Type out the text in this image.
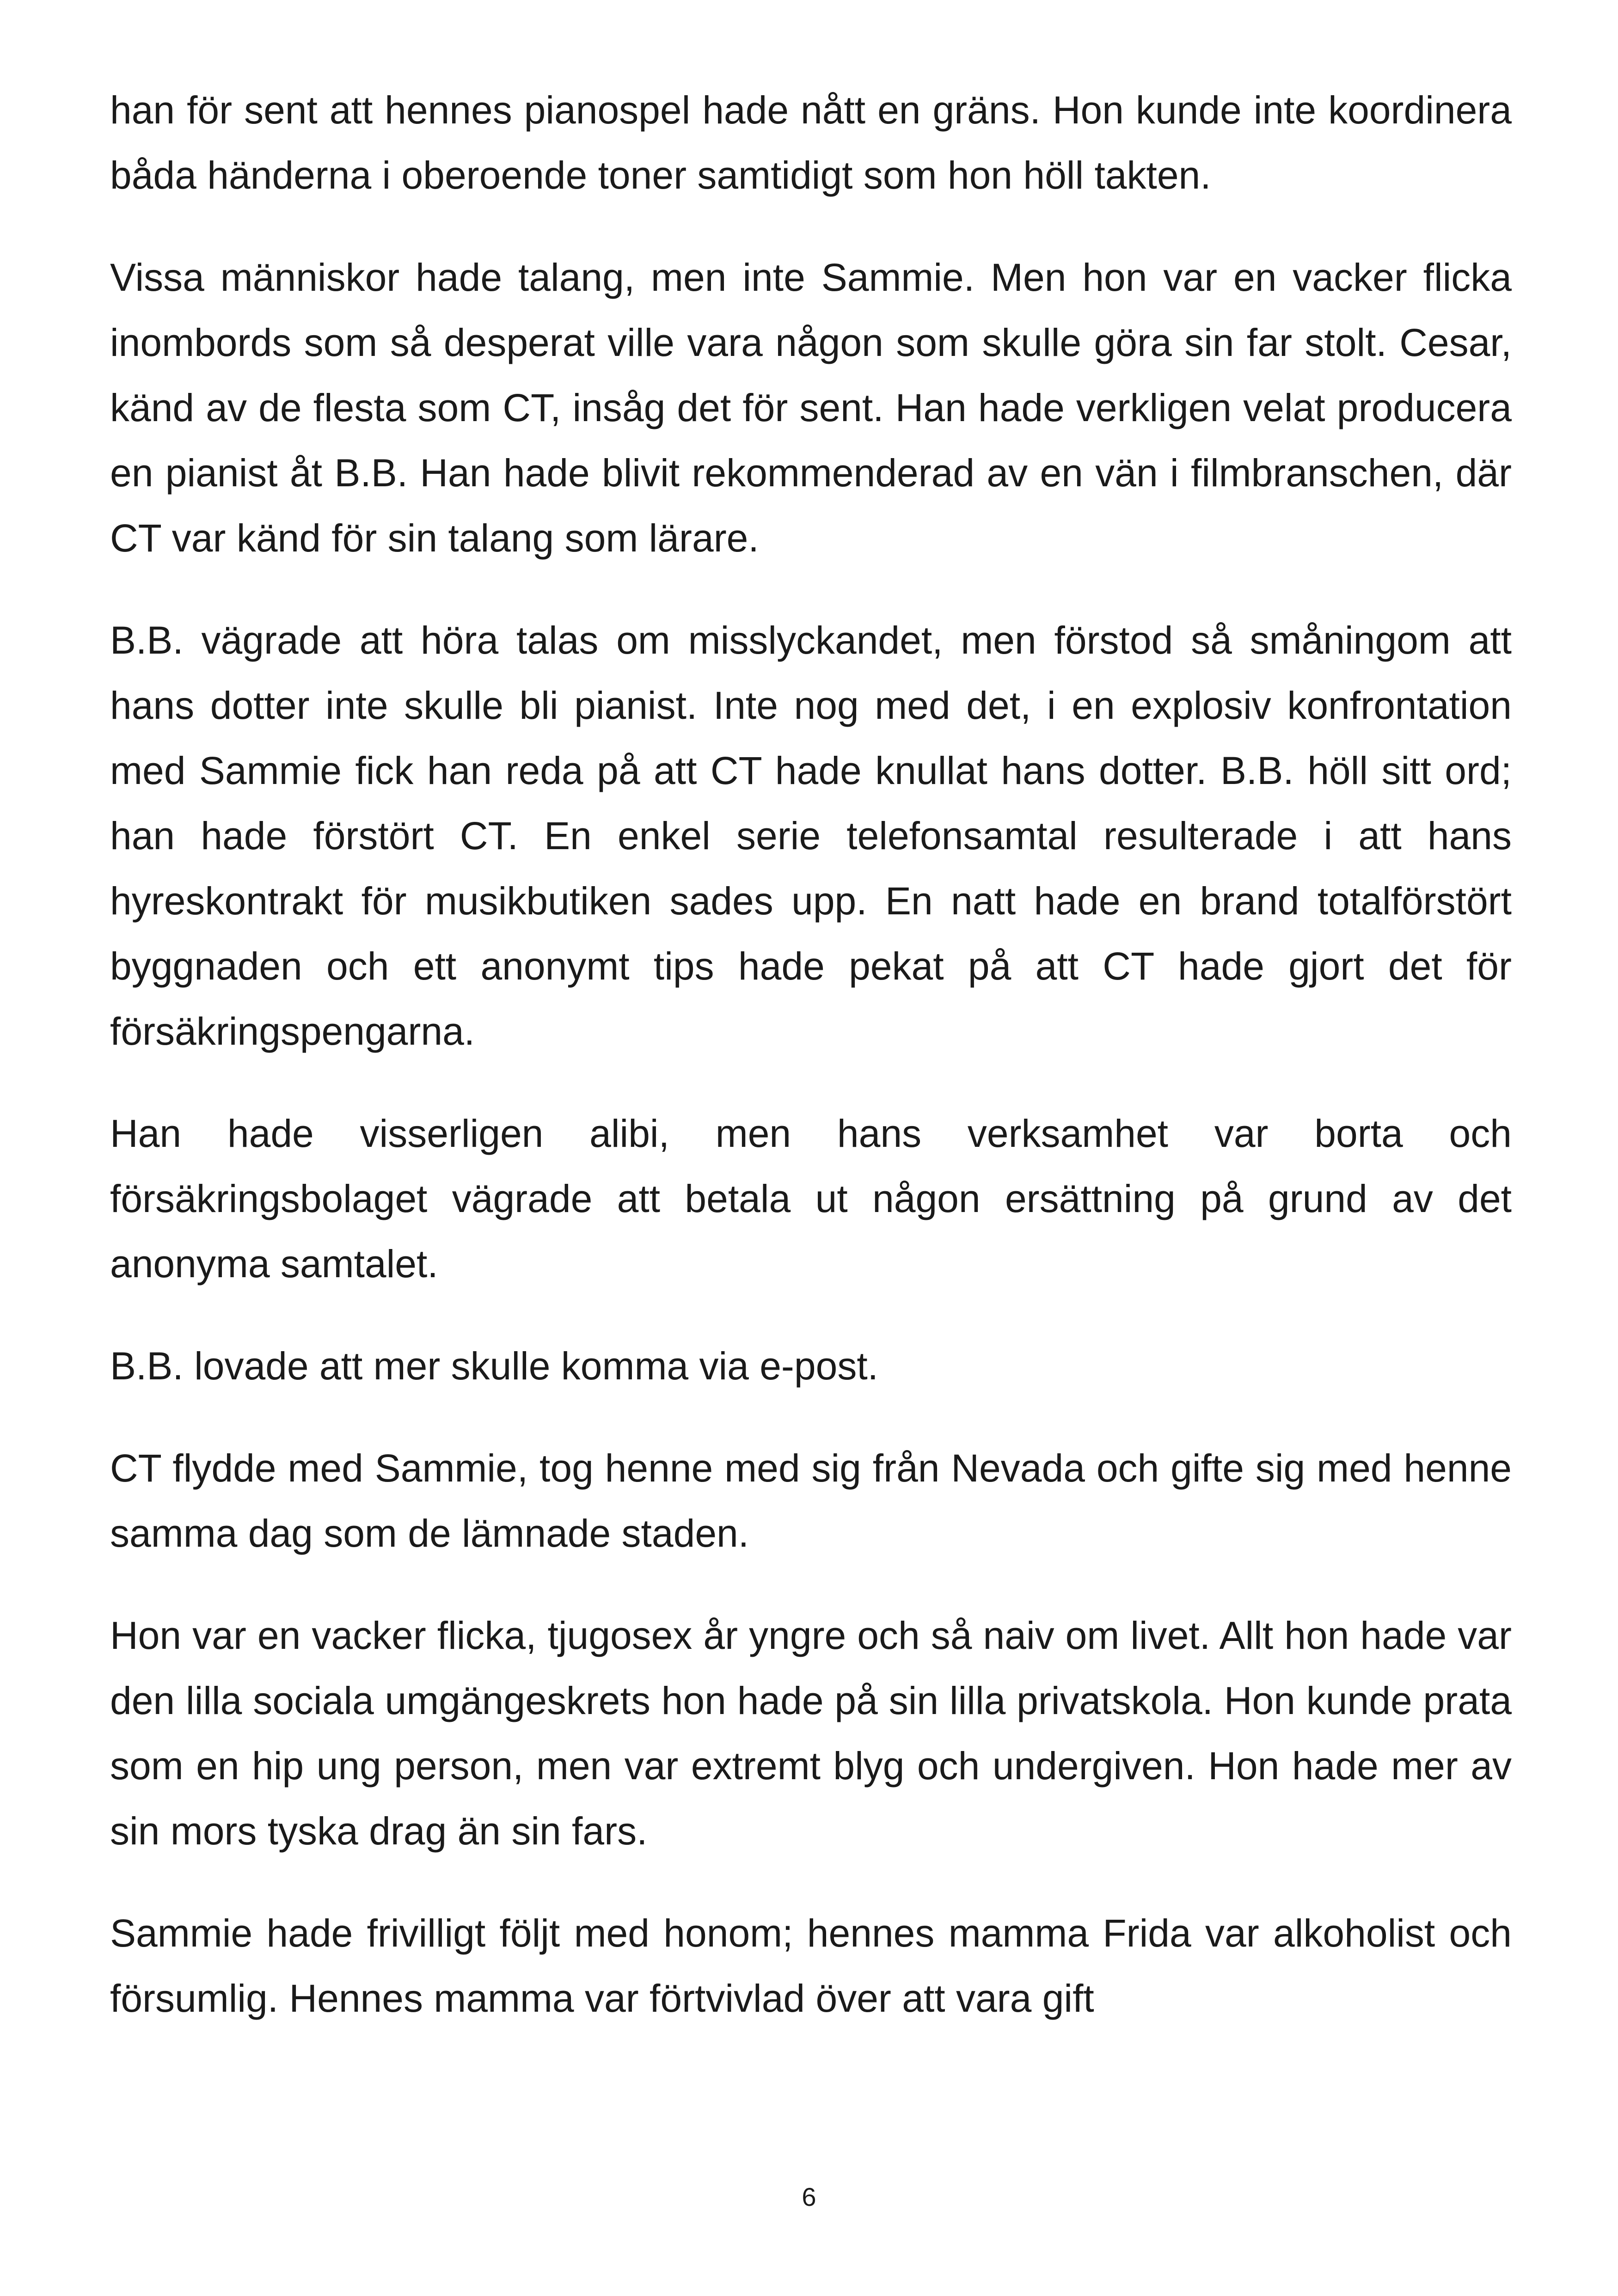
han för sent att hennes pianospel hade nått en gräns. Hon kunde inte koordinera båda händerna i oberoende toner samtidigt som hon höll takten.

Vissa människor hade talang, men inte Sammie. Men hon var en vacker flicka inombords som så desperat ville vara någon som skulle göra sin far stolt. Cesar, känd av de flesta som CT, insåg det för sent. Han hade verkligen velat producera en pianist åt B.B. Han hade blivit rekommenderad av en vän i filmbranschen, där CT var känd för sin talang som lärare.

B.B. vägrade att höra talas om misslyckandet, men förstod så småningom att hans dotter inte skulle bli pianist. Inte nog med det, i en explosiv konfrontation med Sammie fick han reda på att CT hade knullat hans dotter. B.B. höll sitt ord; han hade förstört CT. En enkel serie telefonsamtal resulterade i att hans hyreskontrakt för musikbutiken sades upp. En natt hade en brand totalförstört byggnaden och ett anonymt tips hade pekat på att CT hade gjort det för försäkringspengarna.

Han hade visserligen alibi, men hans verksamhet var borta och försäkringsbolaget vägrade att betala ut någon ersättning på grund av det anonyma samtalet.

B.B. lovade att mer skulle komma via e-post.

CT flydde med Sammie, tog henne med sig från Nevada och gifte sig med henne samma dag som de lämnade staden.

Hon var en vacker flicka, tjugosex år yngre och så naiv om livet. Allt hon hade var den lilla sociala umgängeskrets hon hade på sin lilla privatskola. Hon kunde prata som en hip ung person, men var extremt blyg och undergiven. Hon hade mer av sin mors tyska drag än sin fars.

Sammie hade frivilligt följt med honom; hennes mamma Frida var alkoholist och försumlig. Hennes mamma var förtvivlad över att vara gift

6
